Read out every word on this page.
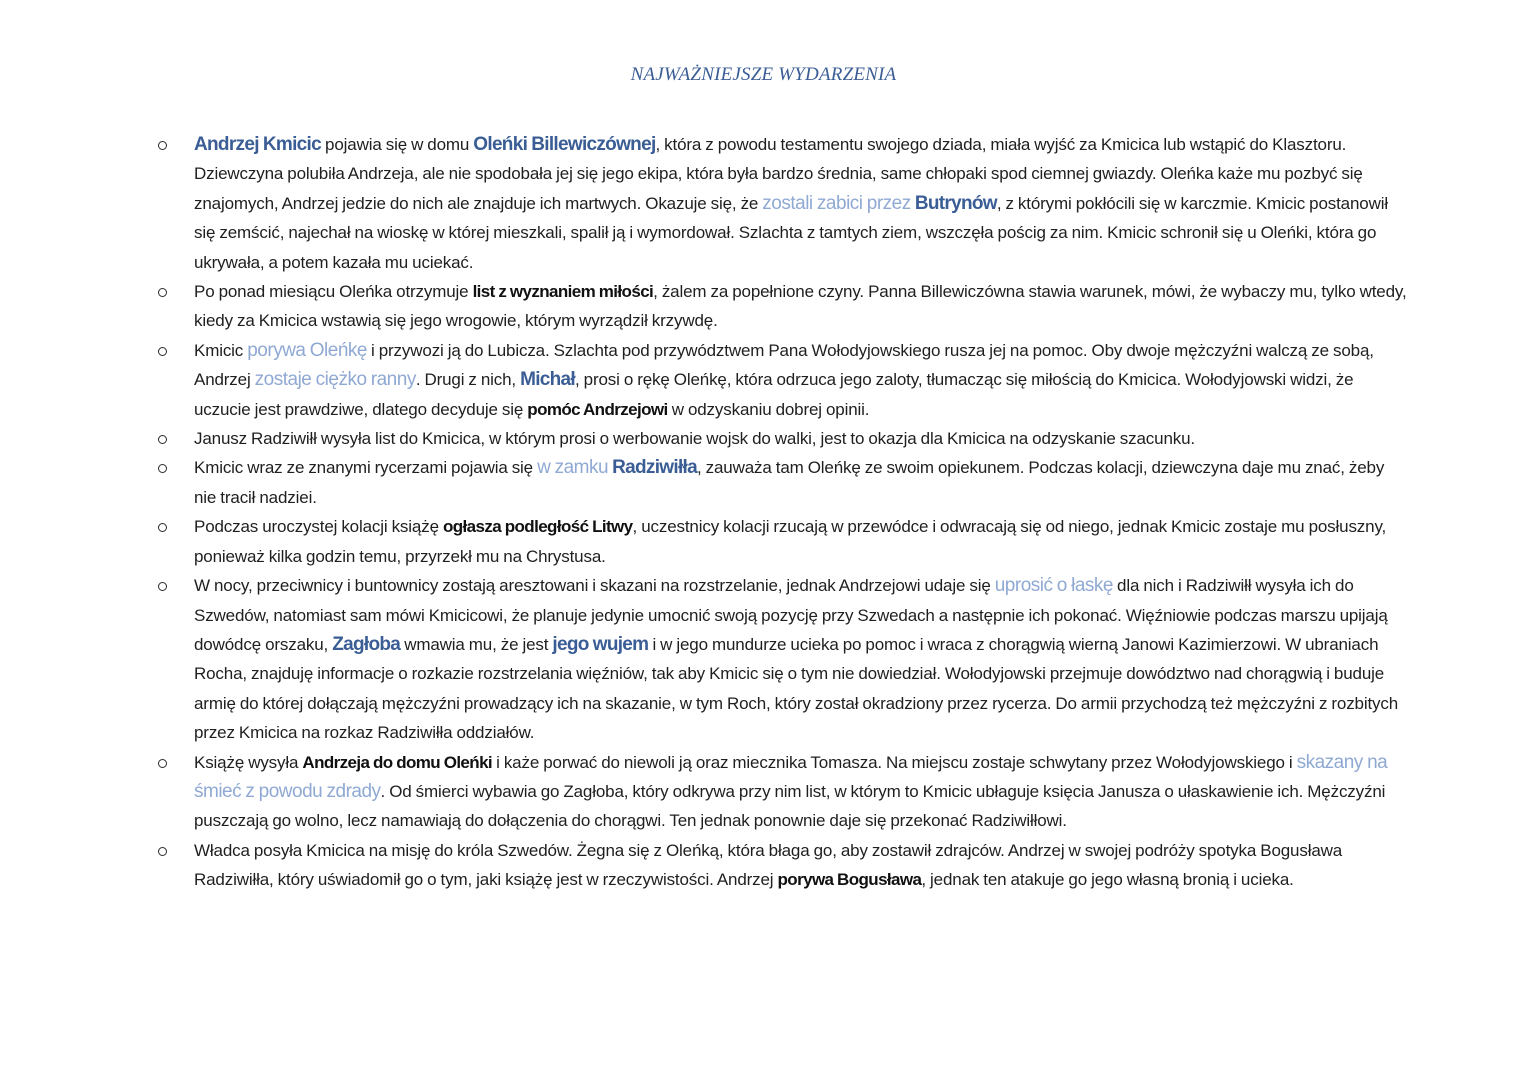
NAJWAŻNIEJSZE WYDARZENIA
Andrzej Kmicic pojawia się w domu Oleńki Billewiczównej, która z powodu testamentu swojego dziada, miała wyjść za Kmicica lub wstąpić do Klasztoru. Dziewczyna polubiła Andrzeja, ale nie spodobała jej się jego ekipa, która była bardzo średnia, same chłopaki spod ciemnej gwiazdy. Oleńka każe mu pozbyć się znajomych, Andrzej jedzie do nich ale znajduje ich martwych. Okazuje się, że zostali zabici przez Butrynów, z którymi pokłócili się w karczmie. Kmicic postanowił się zemścić, najechał na wioskę w której mieszkali, spalił ją i wymordował. Szlachta z tamtych ziem, wszczęła pościg za nim. Kmicic schronił się u Oleńki, która go ukrywała, a potem kazała mu uciekać.
Po ponad miesiącu Oleńka otrzymuje list z wyznaniem miłości, żalem za popełnione czyny. Panna Billewiczówna stawia warunek, mówi, że wybaczy mu, tylko wtedy, kiedy za Kmicica wstawią się jego wrogowie, którym wyrządził krzywdę.
Kmicic porywa Oleńkę i przywozi ją do Lubicza. Szlachta pod przywództwem Pana Wołodyjowskiego rusza jej na pomoc. Oby dwoje mężczyźni walczą ze sobą, Andrzej zostaje ciężko ranny. Drugi z nich, Michał, prosi o rękę Oleńkę, która odrzuca jego zaloty, tłumacząc się miłością do Kmicica. Wołodyjowski widzi, że uczucie jest prawdziwe, dlatego decyduje się pomóc Andrzejowi w odzyskaniu dobrej opinii.
Janusz Radziwiłł wysyła list do Kmicica, w którym prosi o werbowanie wojsk do walki, jest to okazja dla Kmicica na odzyskanie szacunku.
Kmicic wraz ze znanymi rycerzami pojawia się w zamku Radziwiłła, zauważa tam Oleńkę ze swoim opiekunem. Podczas kolacji, dziewczyna daje mu znać, żeby nie tracił nadziei.
Podczas uroczystej kolacji książę ogłasza podległość Litwy, uczestnicy kolacji rzucają w przewódce i odwracają się od niego, jednak Kmicic zostaje mu posłuszny, ponieważ kilka godzin temu, przyrzekł mu na Chrystusa.
W nocy, przeciwnicy i buntownicy zostają aresztowani i skazani na rozstrzelanie, jednak Andrzejowi udaje się uprosić o łaskę dla nich i Radziwiłł wysyła ich do Szwedów, natomiast sam mówi Kmicicowi, że planuje jedynie umocnić swoją pozycję przy Szwedach a następnie ich pokonać. Więźniowie podczas marszu upijają dowódcę orszaku, Zagłoba wmawia mu, że jest jego wujem i w jego mundurze ucieka po pomoc i wraca z chorągwią wierną Janowi Kazimierzowi. W ubraniach Rocha, znajduję informacje o rozkazie rozstrzelania więźniów, tak aby Kmicic się o tym nie dowiedział. Wołodyjowski przejmuje dowództwo nad chorągwią i buduje armię do której dołączają mężczyźni prowadzący ich na skazanie, w tym Roch, który został okradziony przez rycerza. Do armii przychodzą też mężczyźni z rozbitych przez Kmicica na rozkaz Radziwiłła oddziałów.
Książę wysyła Andrzeja do domu Oleńki i każe porwać do niewoli ją oraz miecznika Tomasza. Na miejscu zostaje schwytany przez Wołodyjowskiego i skazany na śmieć z powodu zdrady. Od śmierci wybawia go Zagłoba, który odkrywa przy nim list, w którym to Kmicic ubłaguje księcia Janusza o ułaskawienie ich. Mężczyźni puszczają go wolno, lecz namawiają do dołączenia do chorągwi. Ten jednak ponownie daje się przekonać Radziwiłłowi.
Władca posyła Kmicica na misję do króla Szwedów. Żegna się z Oleńką, która błaga go, aby zostawił zdrajców. Andrzej w swojej podróży spotyka Bogusława Radziwiłła, który uświadomił go o tym, jaki książę jest w rzeczywistości. Andrzej porywa Bogusława, jednak ten atakuje go jego własną bronią i ucieka.
